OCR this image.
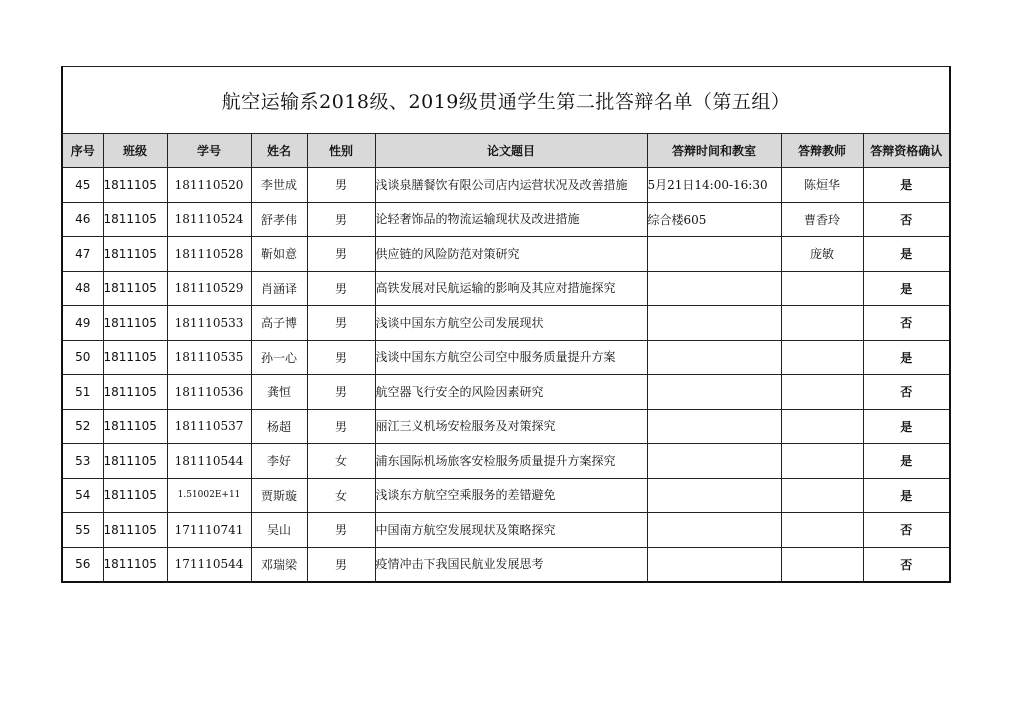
航空运输系2018级、2019级贯通学生第二批答辩名单（第五组）								
序号	班级	学号	姓名	性别	论文题目	答辩时间和教室	答辩教师	答辩资格确认
45	1811105	181110520	李世成	男	浅谈泉膳餐饮有限公司店内运营状况及改善措施	5月21日14:00-16:30	陈烜华	是
46	1811105	181110524	舒孝伟	男	论轻奢饰品的物流运输现状及改进措施	综合楼605	曹香玲	否
47	1811105	181110528	靳如意	男	供应链的风险防范对策研究		庞敏	是
48	1811105	181110529	肖涵译	男	高铁发展对民航运输的影响及其应对措施探究			是
49	1811105	181110533	高子博	男	浅谈中国东方航空公司发展现状			否
50	1811105	181110535	孙一心	男	浅谈中国东方航空公司空中服务质量提升方案			是
51	1811105	181110536	龚恒	男	航空器飞行安全的风险因素研究			否
52	1811105	181110537	杨超	男	丽江三义机场安检服务及对策探究			是
53	1811105	181110544	李好	女	浦东国际机场旅客安检服务质量提升方案探究			是
54	1811105	1.51002E+11	贾斯璇	女	浅谈东方航空空乘服务的差错避免			是
55	1811105	171110741	吴山	男	中国南方航空发展现状及策略探究			否
56	1811105	171110544	邓瑞梁	男	疫情冲击下我国民航业发展思考			否
